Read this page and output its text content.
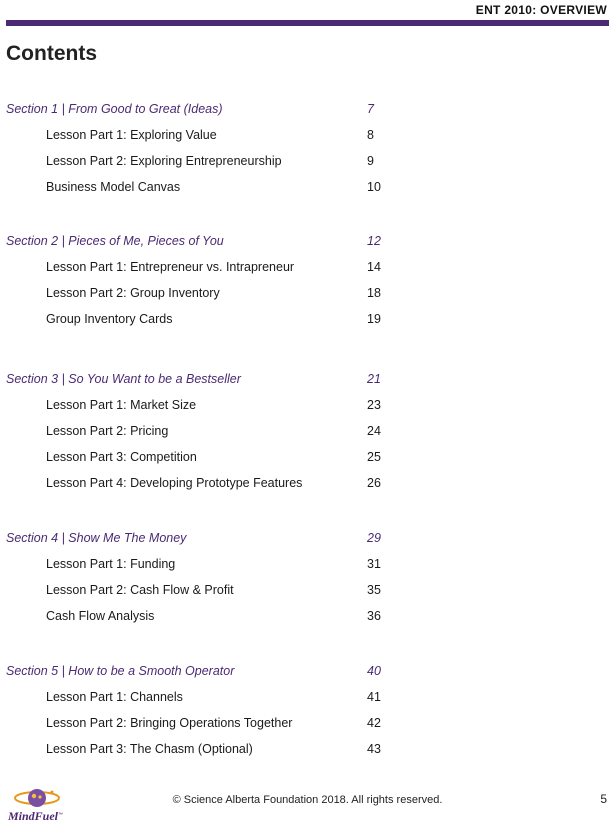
ENT 2010: OVERVIEW
Contents
Section 1 | From Good to Great (Ideas)	7
Lesson Part 1: Exploring Value	8
Lesson Part 2: Exploring Entrepreneurship	9
Business Model Canvas	10
Section 2 | Pieces of Me, Pieces of You	12
Lesson Part 1: Entrepreneur vs. Intrapreneur	14
Lesson Part 2: Group Inventory	18
Group Inventory Cards	19
Section 3 | So You Want to be a Bestseller	21
Lesson Part 1: Market Size	23
Lesson Part 2: Pricing	24
Lesson Part 3: Competition	25
Lesson Part 4: Developing Prototype Features	26
Section 4 | Show Me The Money	29
Lesson Part 1: Funding	31
Lesson Part 2: Cash Flow & Profit	35
Cash Flow Analysis	36
Section 5 | How to be a Smooth Operator	40
Lesson Part 1: Channels	41
Lesson Part 2: Bringing Operations Together	42
Lesson Part 3: The Chasm (Optional)	43
MindFuel ™
© Science Alberta Foundation 2018. All rights reserved.	5
